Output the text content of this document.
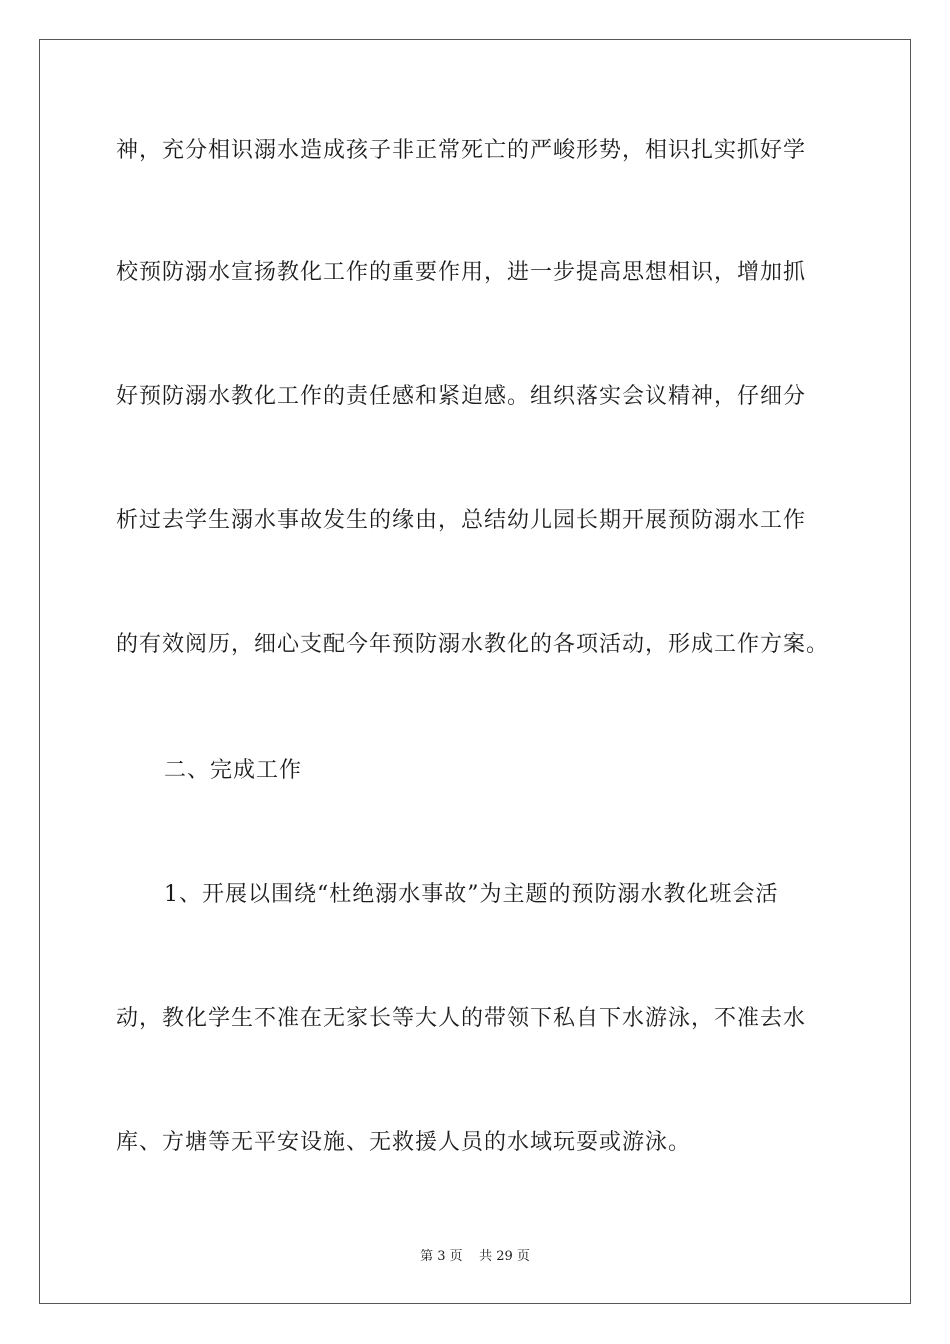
神，充分相识溺水造成孩子非正常死亡的严峻形势，相识扎实抓好学
校预防溺水宣扬教化工作的重要作用，进一步提高思想相识，增加抓
好预防溺水教化工作的责任感和紧迫感。组织落实会议精神，仔细分
析过去学生溺水事故发生的缘由，总结幼儿园长期开展预防溺水工作
的有效阅历，细心支配今年预防溺水教化的各项活动，形成工作方案。
二、完成工作
1、开展以围绕“杜绝溺水事故”为主题的预防溺水教化班会活
动，教化学生不准在无家长等大人的带领下私自下水游泳，不准去水
库、方塘等无平安设施、无救援人员的水域玩耍或游泳。
第 3 页    共 29 页
